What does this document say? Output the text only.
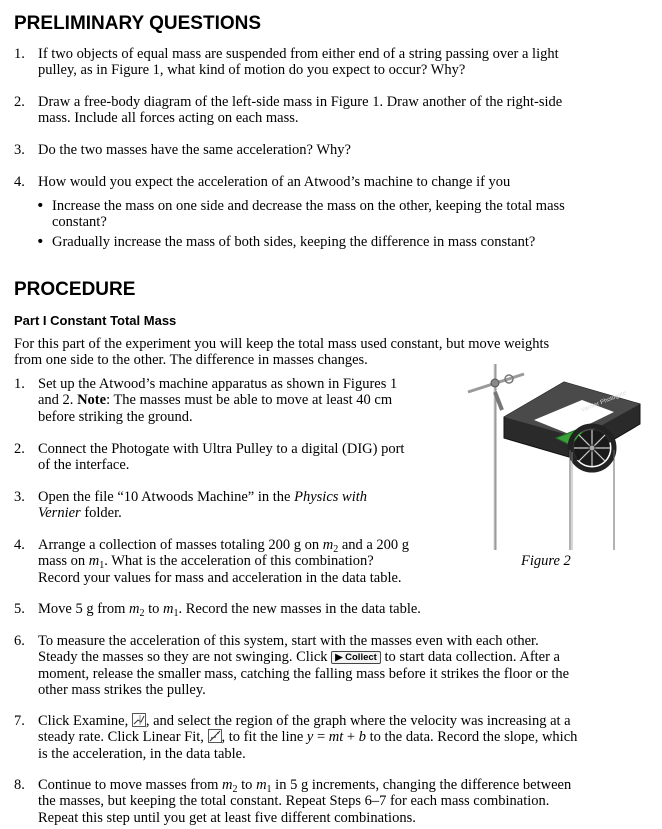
PRELIMINARY QUESTIONS
1. If two objects of equal mass are suspended from either end of a string passing over a light
pulley, as in Figure 1, what kind of motion do you expect to occur? Why?
2. Draw a free-body diagram of the left-side mass in Figure 1. Draw another of the right-side
mass. Include all forces acting on each mass.
3. Do the two masses have the same acceleration? Why?
4. How would you expect the acceleration of an Atwood’s machine to change if you
• Increase the mass on one side and decrease the mass on the other, keeping the total mass
constant?
• Gradually increase the mass of both sides, keeping the difference in mass constant?
PROCEDURE
Part I Constant Total Mass
For this part of the experiment you will keep the total mass used constant, but move weights
from one side to the other. The difference in masses changes.
1. Set up the Atwood’s machine apparatus as shown in Figures 1
and 2. Note: The masses must be able to move at least 40 cm
before striking the ground.
2. Connect the Photogate with Ultra Pulley to a digital (DIG) port
of the interface.
3. Open the file “10 Atwoods Machine” in the Physics with
Vernier folder.
4. Arrange a collection of masses totaling 200 g on $m_2$ and a 200 g
mass on $m_1$. What is the acceleration of this combination?
Record your values for mass and acceleration in the data table.
5. Move 5 g from $m_2$ to $m_1$. Record the new masses in the data table.
6. To measure the acceleration of this system, start with the masses even with each other.
Steady the masses so they are not swinging. Click ▶ Collect to start data collection. After a
moment, release the smaller mass, catching the falling mass before it strikes the floor or the
other mass strikes the pulley.
7. Click Examine, , and select the region of the graph where the velocity was increasing at a
steady rate. Click Linear Fit, , to fit the line y = mt + b to the data. Record the slope, which
is the acceleration, in the data table.
8. Continue to move masses from $m_2$ to $m_1$ in 5 g increments, changing the difference between
the masses, but keeping the total constant. Repeat Steps 6–7 for each mass combination.
Repeat this step until you get at least five different combinations.
Vernier Photogate
Figure 2
